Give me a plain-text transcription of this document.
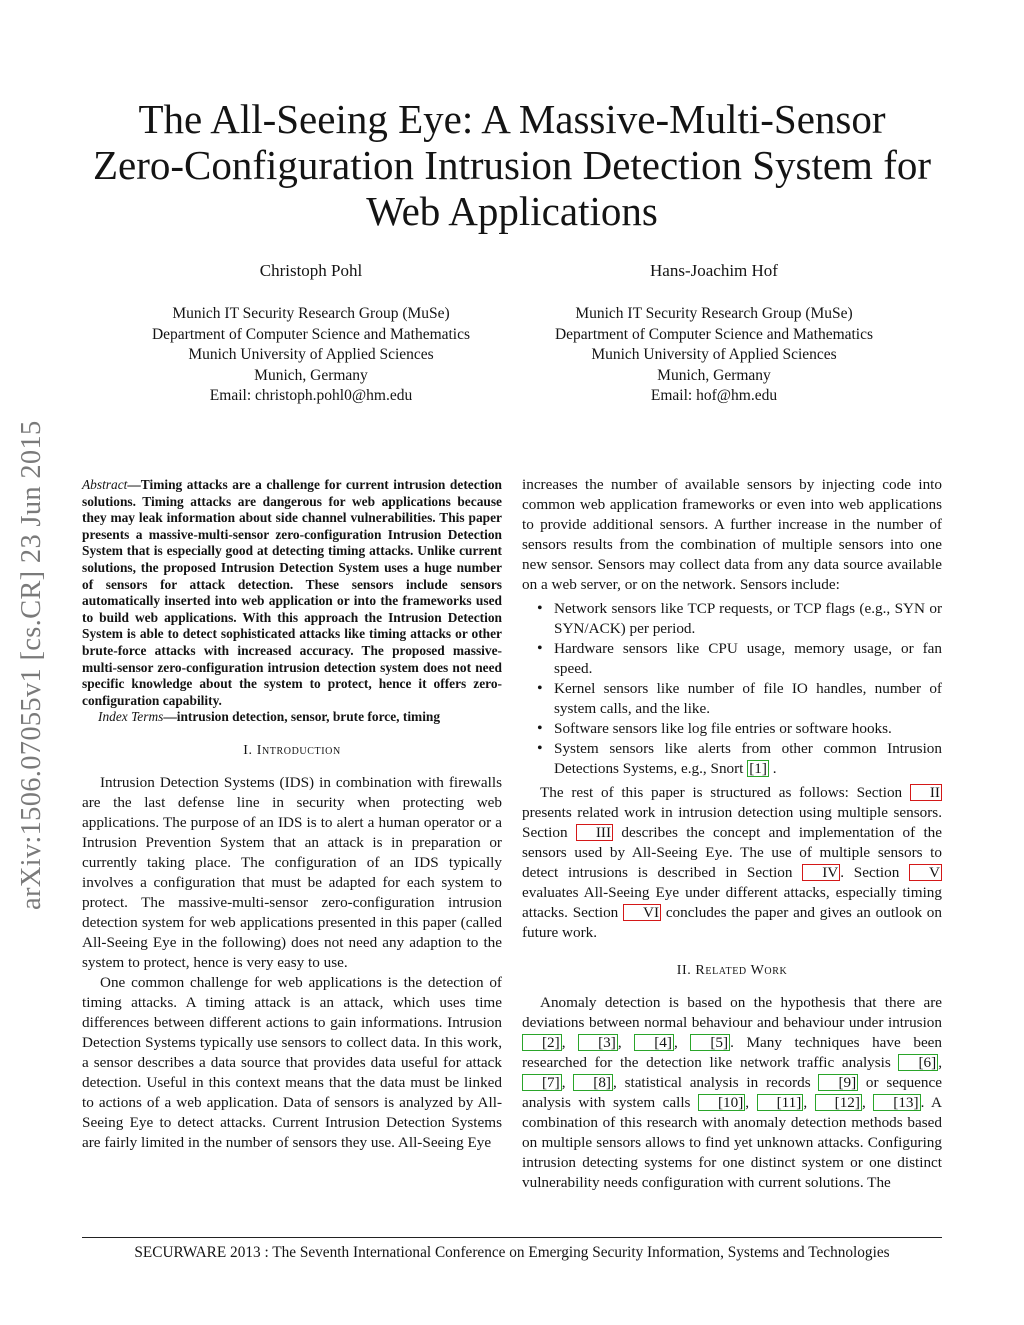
The All-Seeing Eye: A Massive-Multi-Sensor
Zero-Configuration Intrusion Detection System for
Web Applications
Christoph Pohl
Munich IT Security Research Group (MuSe)
Department of Computer Science and Mathematics
Munich University of Applied Sciences
Munich, Germany
Email: christoph.pohl0@hm.edu
Hans-Joachim Hof
Munich IT Security Research Group (MuSe)
Department of Computer Science and Mathematics
Munich University of Applied Sciences
Munich, Germany
Email: hof@hm.edu
arXiv:1506.07055v1 [cs.CR] 23 Jun 2015	Abstract—Timing attacks are a challenge for current intrusion detection solutions. Timing attacks are dangerous for web applications because they may leak information about side channel vulnerabilities. This paper presents a massive-multi-sensor zero-configuration Intrusion Detection System that is especially good at detecting timing attacks. Unlike current solutions, the proposed Intrusion Detection System uses a huge number of sensors for attack detection. These sensors include sensors automatically inserted into web application or into the frameworks used to build web applications. With this approach the Intrusion Detection System is able to detect sophisticated attacks like timing attacks or other brute-force attacks with increased accuracy. The proposed massive-multi-sensor zero-configuration intrusion detection system does not need specific knowledge about the system to protect, hence it offers zero-configuration capability.

Index Terms—intrusion detection, sensor, brute force, timing

I. Introduction

Intrusion Detection Systems (IDS) in combination with firewalls are the last defense line in security when protecting web applications. The purpose of an IDS is to alert a human operator or a Intrusion Prevention System that an attack is in preparation or currently taking place. The configuration of an IDS typically involves a configuration that must be adapted for each system to protect. The massive-multi-sensor zero-configuration intrusion detection system for web applications presented in this paper (called All-Seeing Eye in the following) does not need any adaption to the system to protect, hence is very easy to use.

One common challenge for web applications is the detection of timing attacks. A timing attack is an attack, which uses time differences between different actions to gain informations. Intrusion Detection Systems typically use sensors to collect data. In this work, a sensor describes a data source that provides data useful for attack detection. Useful in this context means that the data must be linked to actions of a web application. Data of sensors is analyzed by All-Seeing Eye to detect attacks. Current Intrusion Detection Systems are fairly limited in the number of sensors they use. All-Seeing Eye

increases the number of available sensors by injecting code into common web application frameworks or even into web applications to provide additional sensors. A further increase in the number of sensors results from the combination of multiple sensors into one new sensor. Sensors may collect data from any data source available on a web server, or on the network. Sensors include:

• Network sensors like TCP requests, or TCP flags (e.g., SYN or SYN/ACK) per period.
• Hardware sensors like CPU usage, memory usage, or fan speed.
• Kernel sensors like number of file IO handles, number of system calls, and the like.
• Software sensors like log file entries or software hooks.
• System sensors like alerts from other common Intrusion Detections Systems, e.g., Snort [1] .

The rest of this paper is structured as follows: Section II presents related work in intrusion detection using multiple sensors. Section III describes the concept and implementation of the sensors used by All-Seeing Eye. The use of multiple sensors to detect intrusions is described in Section IV . Section V evaluates All-Seeing Eye under different attacks, especially timing attacks. Section VI concludes the paper and gives an outlook on future work.

II. Related Work

Anomaly detection is based on the hypothesis that there are deviations between normal behaviour and behaviour under intrusion [2] , [3] , [4] , [5] . Many techniques have been researched for the detection like network traffic analysis [6] , [7] , [8] , statistical analysis in records [9] or sequence analysis with system calls [10] , [11] , [12] , [13] . A combination of this research with anomaly detection methods based on multiple sensors allows to find yet unknown attacks. Configuring intrusion detecting systems for one distinct system or one distinct vulnerability needs configuration with current solutions. The

SECURWARE 2013 : The Seventh International Conference on Emerging Security Information, Systems and Technologies
